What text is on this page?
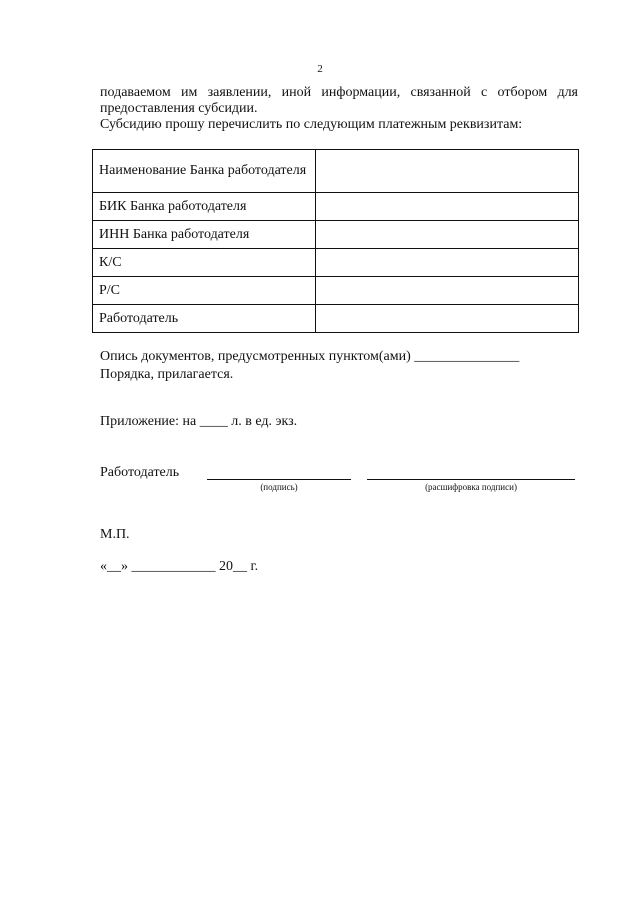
2

подаваемом им заявлении, иной информации, связанной с отбором для предоставления субсидии.

Субсидию прошу перечислить по следующим платежным реквизитам:

Наименование Банка работодателя	
БИК Банка работодателя	
ИНН Банка работодателя	
К/С	
Р/С	
Работодатель	

Опись документов, предусмотренных пунктом(ами) _______________

Порядка, прилагается.

Приложение: на ____ л. в ед. экз.
Работодатель
(подпись)	(расшифровка подписи)
М.П.
«__» ____________ 20__ г.
